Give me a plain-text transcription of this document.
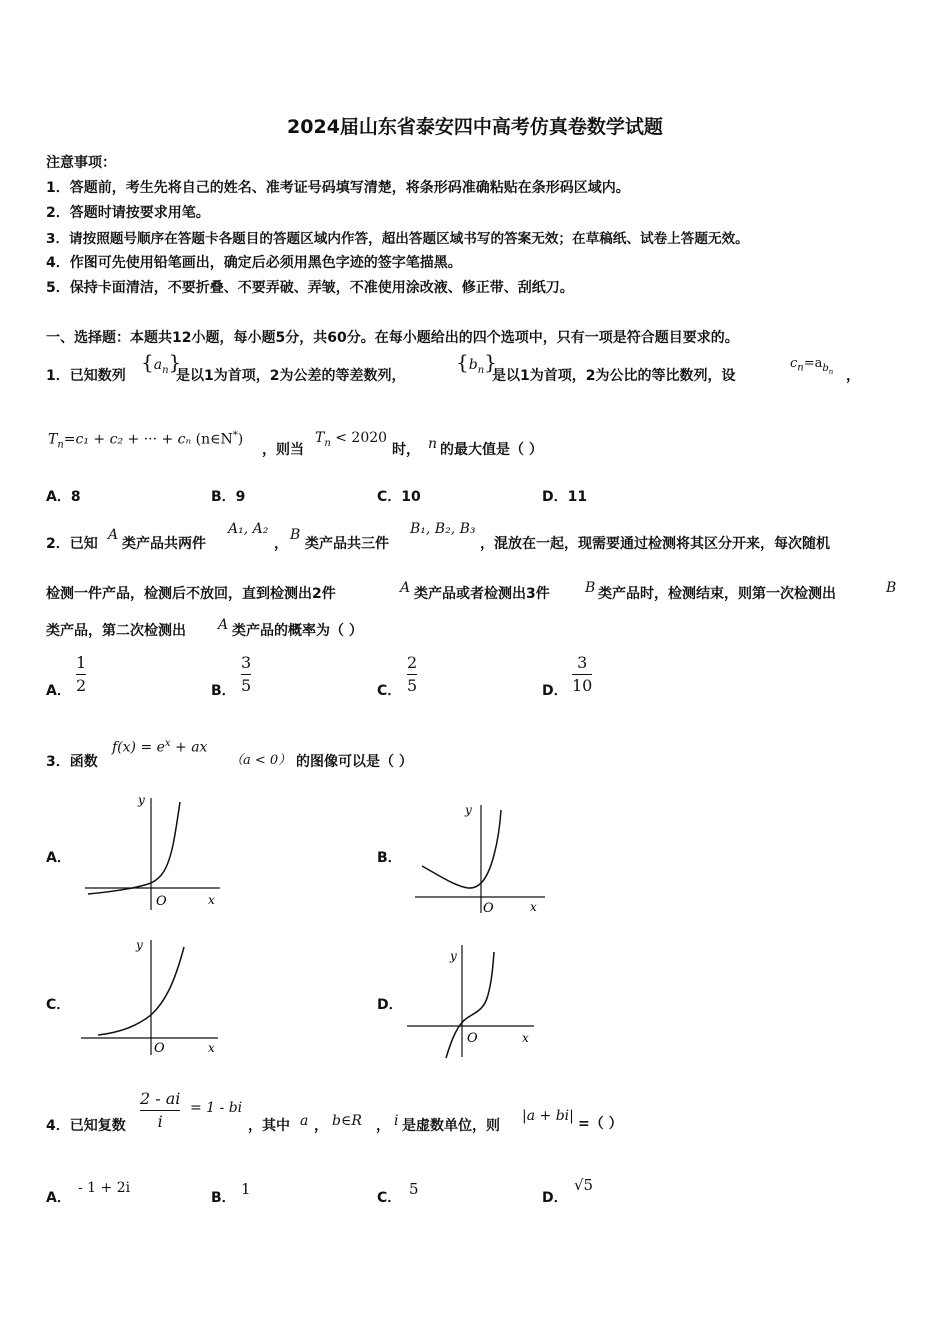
2024届山东省泰安四中高考仿真卷数学试题
注意事项：
1．答题前，考生先将自己的姓名、准考证号码填写清楚，将条形码准确粘贴在条形码区域内。
2．答题时请按要求用笔。
3．请按照题号顺序在答题卡各题目的答题区域内作答，超出答题区域书写的答案无效；在草稿纸、试卷上答题无效。
4．作图可先使用铅笔画出，确定后必须用黑色字迹的签字笔描黑。
5．保持卡面清洁，不要折叠、不要弄破、弄皱，不准使用涂改液、修正带、刮纸刀。
一、选择题：本题共12小题，每小题5分，共60分。在每小题给出的四个选项中，只有一项是符合题目要求的。
1．已知数列
$\{a_n\}$
是以1为首项，2为公差的等差数列，
$\{b_n\}$
是以1为首项，2为公比的等比数列，设
$c_n=a_{b_n}$ ，
$T_n=c_1 + c_2$ + ··· + cₙ (n∈N*)
，则当
$T_n < 2020$
时， n 的最大值是（ ）
A．8	B．9	C．10	D．11
2．已知
A
类产品共两件
A₁, A₂
，
B
类产品共三件
B₁, B₂, B₃
，混放在一起，现需要通过检测将其区分开来，每次随机
检测一件产品，检测后不放回，直到检测出2件	A 类产品或者检测出3件	B 类产品时，检测结束，则第一次检测出	B
类产品，第二次检测出 A 类产品的概率为（ ）
A．
1
2	B．
3
5	C．
2
5	D．
3
10
3．函数
$f(x) = e^x$ + ax
（a < 0） 的图像可以是（ ）
A．	B．
C．	D．
y
x
O
y
x
O
y
x
O
y
x
O
4．已知复数
2 - ai
i
= 1 - bi
，其中 a ， b∈R ， i 是虚数单位，则
|a + bi| =（ ）
A．
- 1 + 2i
B． 1	C． 5	D．
√5
